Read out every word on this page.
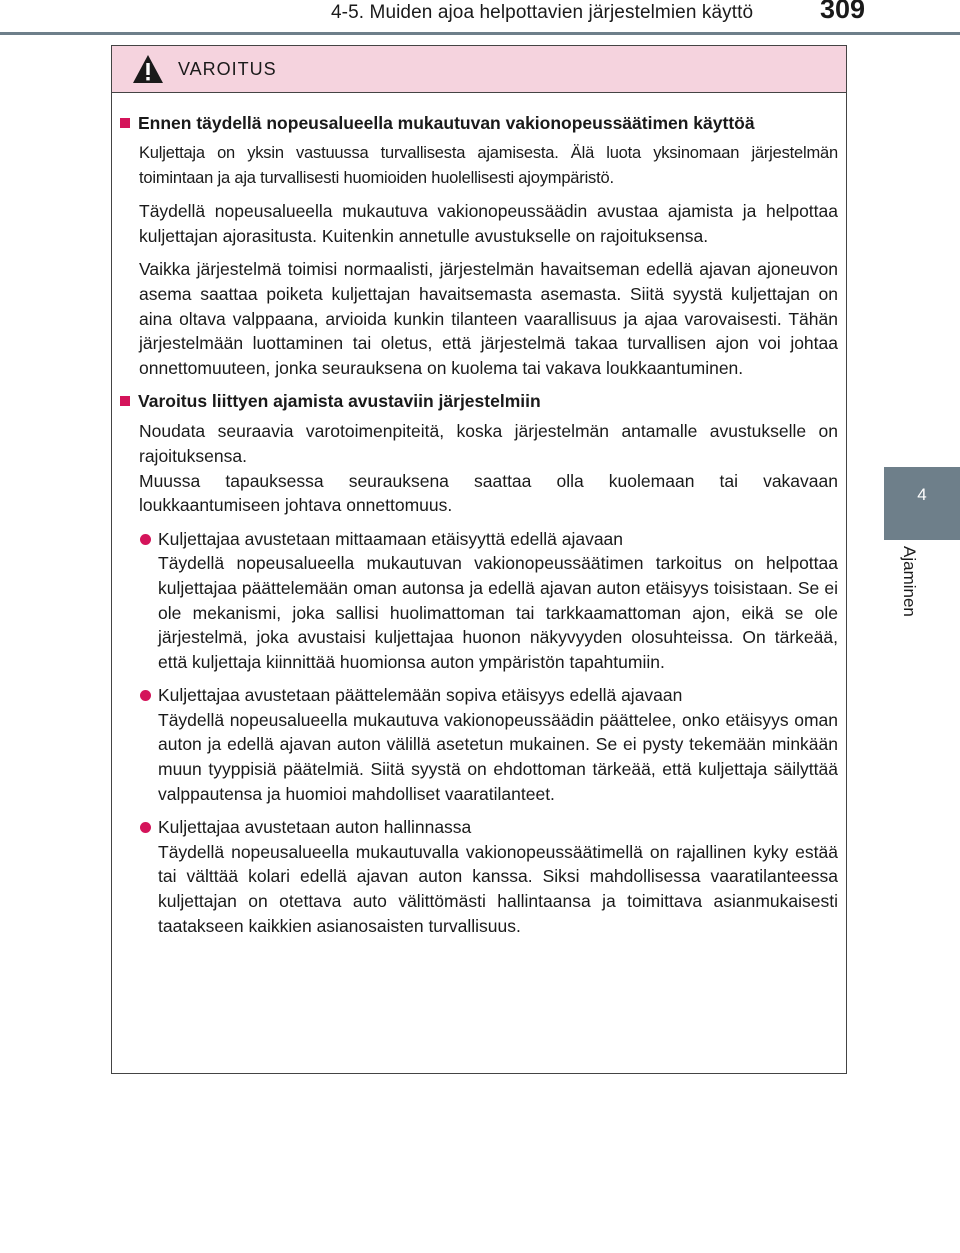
4-5. Muiden ajoa helpottavien järjestelmien käyttö 309
4
Ajaminen
VAROITUS
Ennen täydellä nopeusalueella mukautuvan vakionopeussäätimen käyttöä

Kuljettaja on yksin vastuussa turvallisesta ajamisesta. Älä luota yksinomaan järjestelmän toimintaan ja aja turvallisesti huomioiden huolellisesti ajoympäristö.

Täydellä nopeusalueella mukautuva vakionopeussäädin avustaa ajamista ja helpottaa kuljettajan ajorasitusta. Kuitenkin annetulle avustukselle on rajoituksensa.

Vaikka järjestelmä toimisi normaalisti, järjestelmän havaitseman edellä ajavan ajoneuvon asema saattaa poiketa kuljettajan havaitsemasta asemasta. Siitä syystä kuljettajan on aina oltava valppaana, arvioida kunkin tilanteen vaarallisuus ja ajaa varovaisesti. Tähän järjestelmään luottaminen tai oletus, että järjestelmä takaa turvallisen ajon voi johtaa onnettomuuteen, jonka seurauksena on kuolema tai vakava loukkaantuminen.

Varoitus liittyen ajamista avustaviin järjestelmiin

Noudata seuraavia varotoimenpiteitä, koska järjestelmän antamalle avustukselle on rajoituksensa.

Muussa tapauksessa seurauksena saattaa olla kuolemaan tai vakavaan loukkaantumiseen johtava onnettomuus.

Kuljettajaa avustetaan mittaamaan etäisyyttä edellä ajavaan
Täydellä nopeusalueella mukautuvan vakionopeussäätimen tarkoitus on helpottaa kuljettajaa päättelemään oman autonsa ja edellä ajavan auton etäisyys toisistaan. Se ei ole mekanismi, joka sallisi huolimattoman tai tarkkaamattoman ajon, eikä se ole järjestelmä, joka avustaisi kuljettajaa huonon näkyvyyden olosuhteissa. On tärkeää, että kuljettaja kiinnittää huomionsa auton ympäristön tapahtumiin.
Kuljettajaa avustetaan päättelemään sopiva etäisyys edellä ajavaan
Täydellä nopeusalueella mukautuva vakionopeussäädin päättelee, onko etäisyys oman auton ja edellä ajavan auton välillä asetetun mukainen. Se ei pysty tekemään minkään muun tyyppisiä päätelmiä. Siitä syystä on ehdottoman tärkeää, että kuljettaja säilyttää valppautensa ja huomioi mahdolliset vaaratilanteet.
Kuljettajaa avustetaan auton hallinnassa
Täydellä nopeusalueella mukautuvalla vakionopeussäätimellä on rajallinen kyky estää tai välttää kolari edellä ajavan auton kanssa. Siksi mahdollisessa vaaratilanteessa kuljettajan on otettava auto välittömästi hallintaansa ja toimittava asianmukaisesti taatakseen kaikkien asianosaisten turvallisuus.
